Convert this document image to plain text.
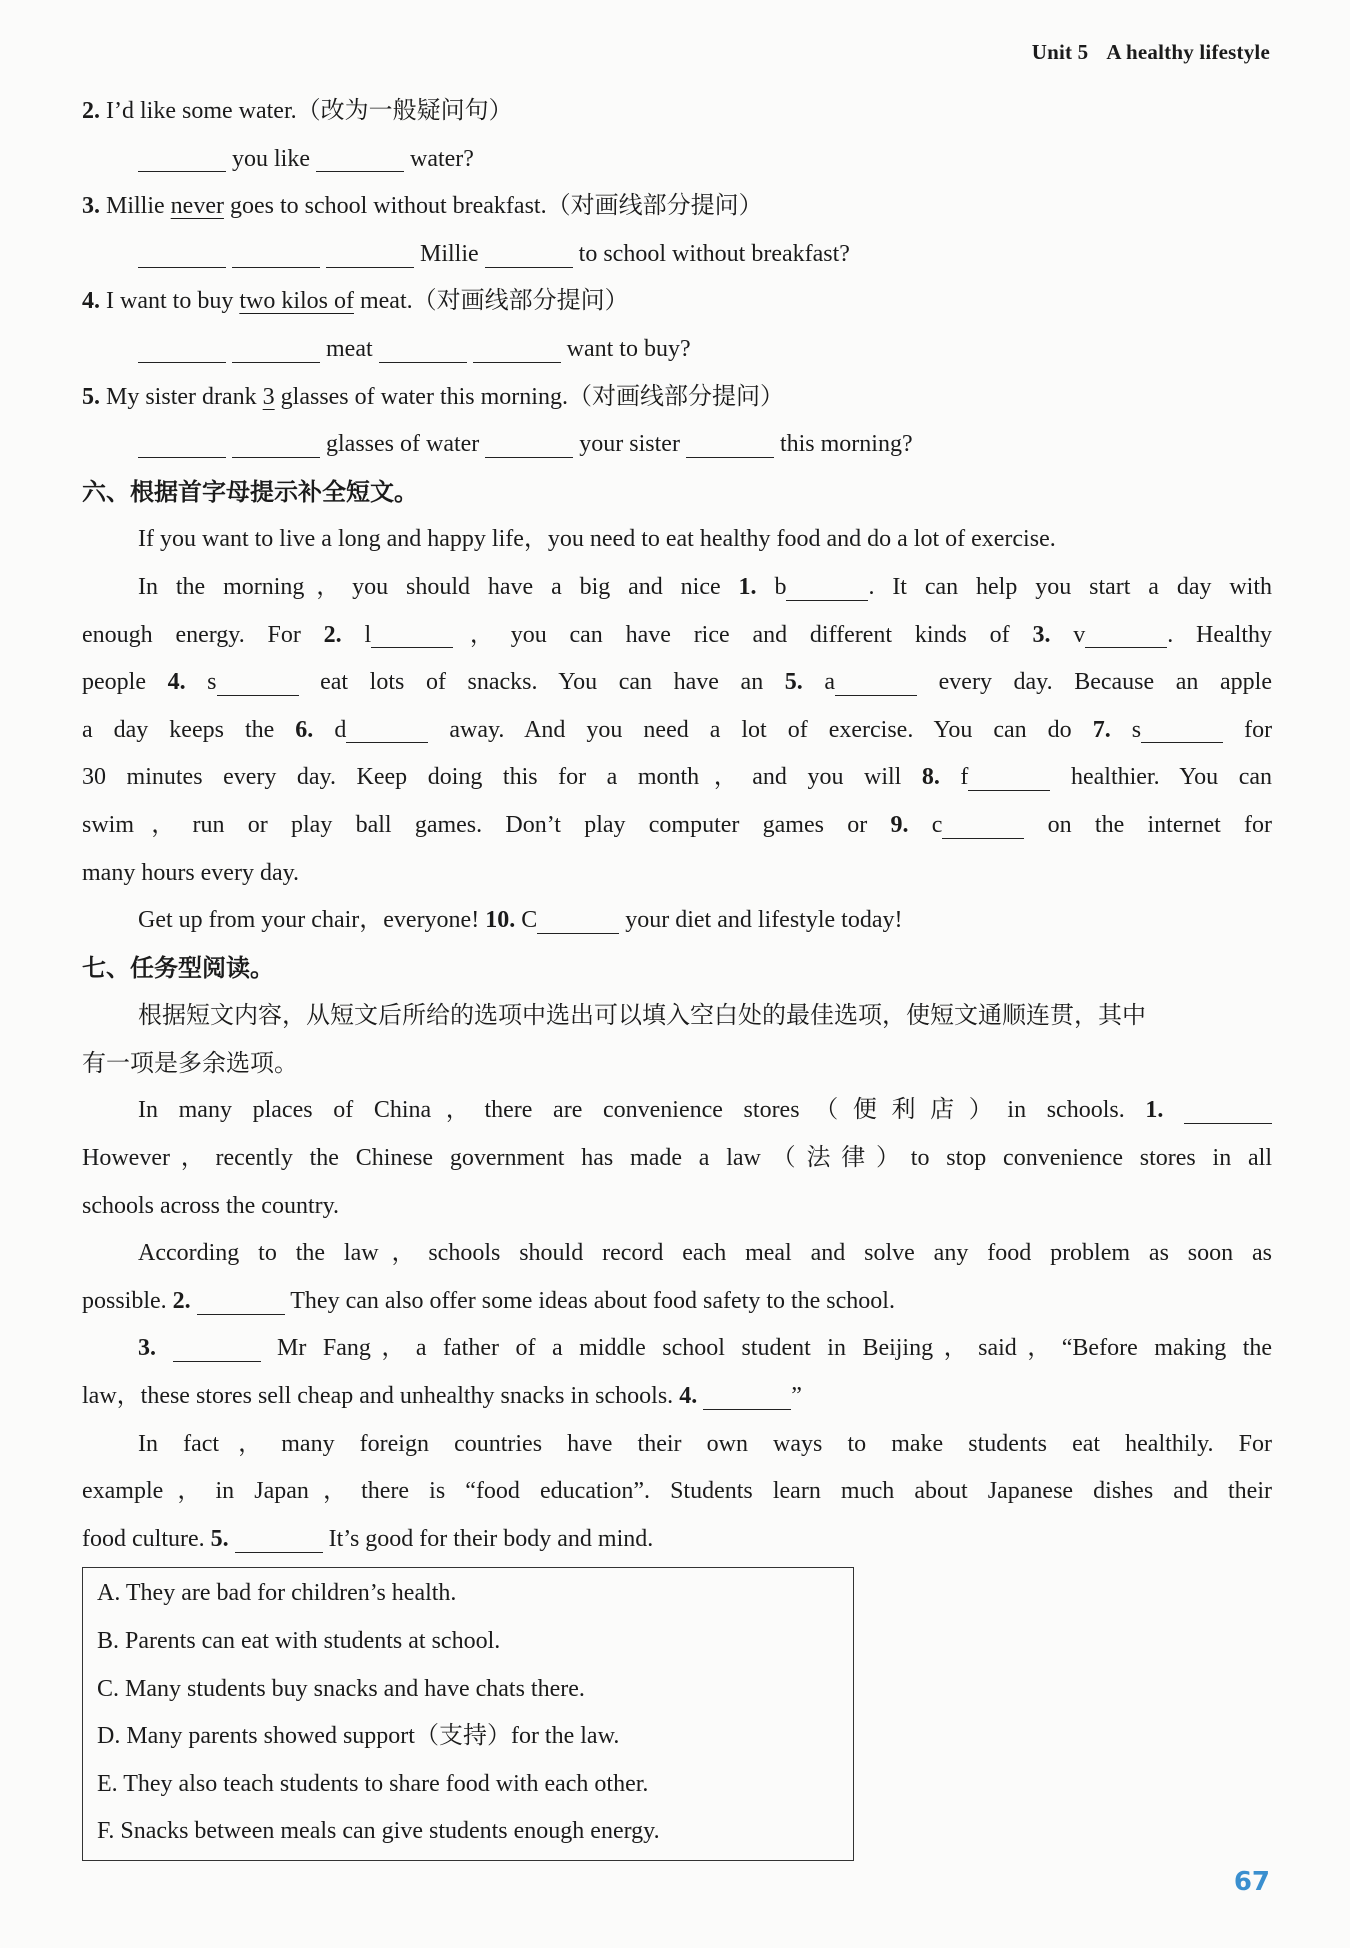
Unit 5 A healthy lifestyle
2. I’d like some water.（改为一般疑问句）
you like	water?
3. Millie never goes to school without breakfast.（对画线部分提问）
Millie	to school without breakfast?
4. I want to buy two kilos of meat.（对画线部分提问）
meat	want to buy?
5. My sister drank 3 glasses of water this morning.（对画线部分提问）
glasses of water	your sister	this morning?
六、根据首字母提示补全短文。
If you want to live a long and happy life，you need to eat healthy food and do a lot of exercise.
In the morning，you should have a big and nice 1. b	. It can help you start a day with
enough energy. For 2. l	，you can have rice and different kinds of 3. v	. Healthy
people 4. s	eat lots of snacks. You can have an 5. a	every day. Because an apple
a day keeps the 6. d	away. And you need a lot of exercise. You can do 7. s	for
30 minutes every day. Keep doing this for a month，and you will 8. f	healthier. You can
swim，run or play ball games. Don’t play computer games or 9. c	on the internet for
many hours every day.
Get up from your chair，everyone! 10. C	your diet and lifestyle today!
七、任务型阅读。
根据短文内容，从短文后所给的选项中选出可以填入空白处的最佳选项，使短文通顺连贯，其中
有一项是多余选项。
In many places of China，there are convenience stores（便利店）in schools. 1.
However，recently the Chinese government has made a law（法律）to stop convenience stores in all
schools across the country.
According to the law，schools should record each meal and solve any food problem as soon as
possible. 2.	They can also offer some ideas about food safety to the school.
3.	Mr Fang，a father of a middle school student in Beijing，said，“Before making the
law，these stores sell cheap and unhealthy snacks in schools. 4.	”
In fact，many foreign countries have their own ways to make students eat healthily. For
example，in Japan，there is “food education”. Students learn much about Japanese dishes and their
food culture. 5.	It’s good for their body and mind.
A. They are bad for children’s health.
B. Parents can eat with students at school.
C. Many students buy snacks and have chats there.
D. Many parents showed support（支持）for the law.
E. They also teach students to share food with each other.
F. Snacks between meals can give students enough energy.
67
